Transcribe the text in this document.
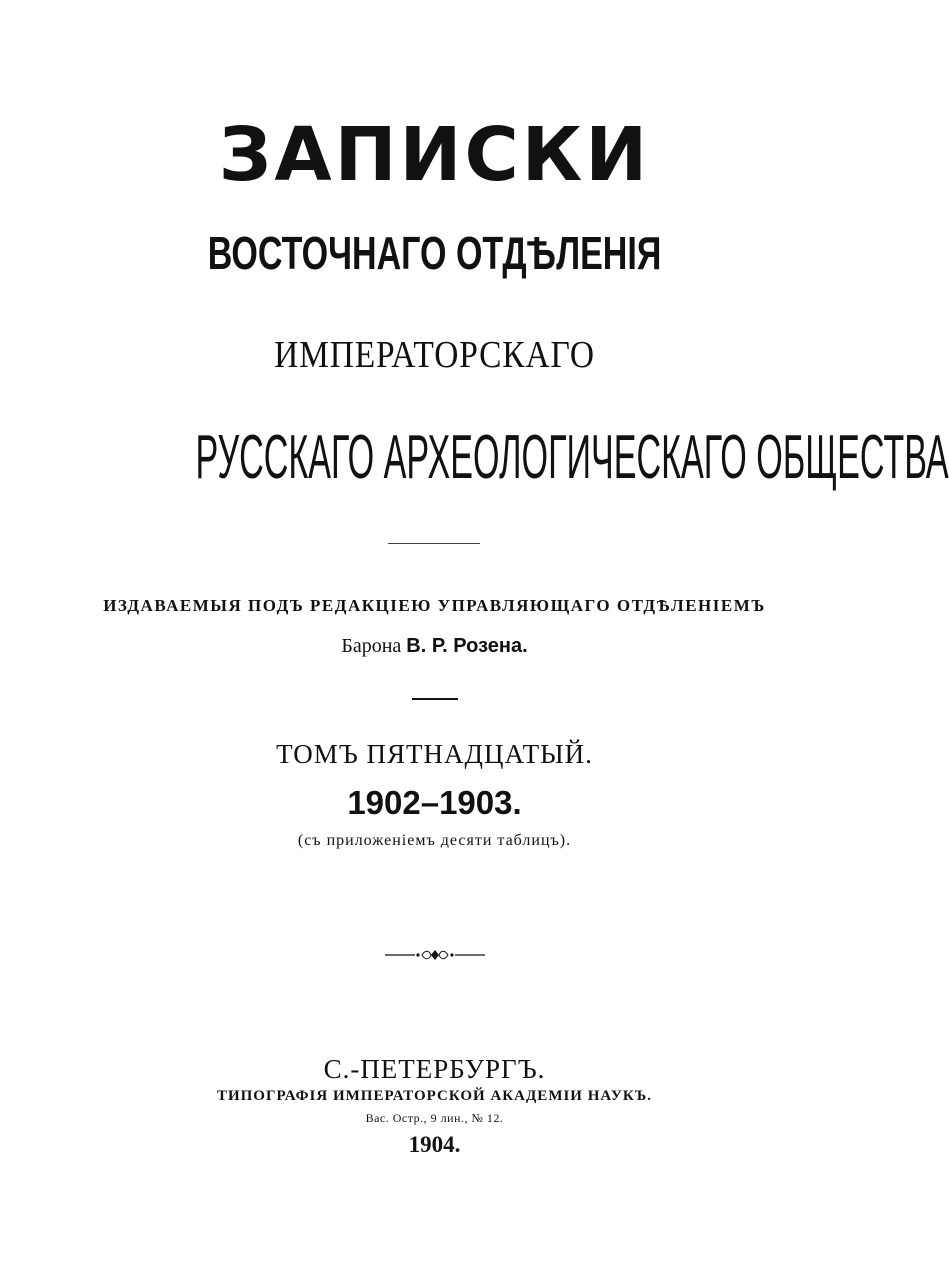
ЗАПИСКИ
ВОСТОЧНАГО ОТДѢЛЕНІЯ
ИМПЕРАТОРСКАГО
РУССКАГО АРХЕОЛОГИЧЕСКАГО ОБЩЕСТВА
ИЗДАВАЕМЫЯ ПОДЪ РЕДАКЦІЕЮ УПРАВЛЯЮЩАГО ОТДѢЛЕНІЕМЪ
Барона В. Р. Розена.
ТОМЪ ПЯТНАДЦАТЫЙ.
1902–1903.
(съ приложеніемъ десяти таблицъ).
С.-ПЕТЕРБУРГЪ.
ТИПОГРАФІЯ ИМПЕРАТОРСКОЙ АКАДЕМІИ НАУКЪ.
Вас. Остр., 9 лин., № 12.
1904.
